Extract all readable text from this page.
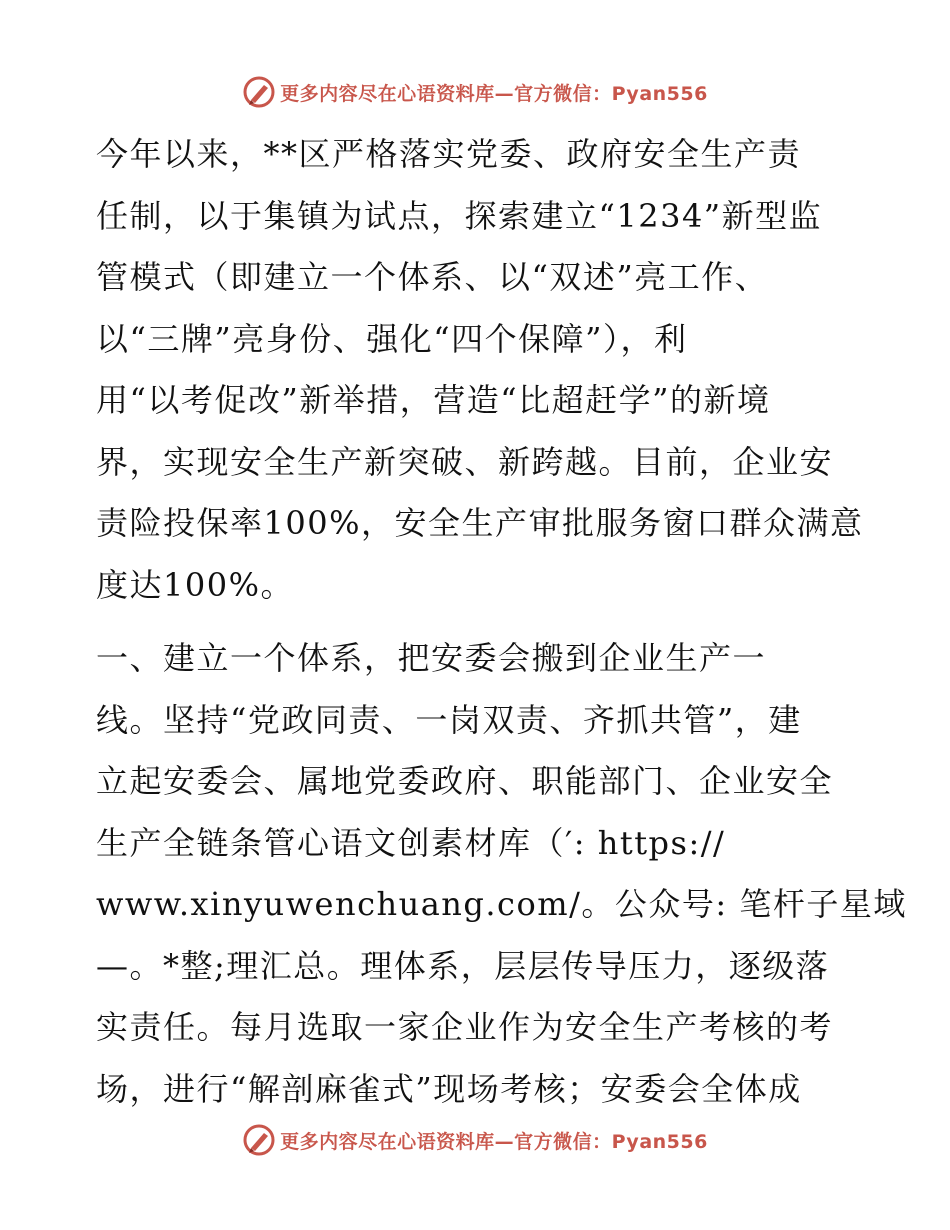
更多内容尽在心语资料库—官方微信：Pyan556
今年以来，**区严格落实党委、政府安全生产责
任制，以于集镇为试点，探索建立“1234”新型监
管模式（即建立一个体系、以“双述”亮工作、
以“三牌”亮身份、强化“四个保障”），利
用“以考促改”新举措，营造“比超赶学”的新境
界，实现安全生产新突破、新跨越。目前，企业安
责险投保率100%，安全生产审批服务窗口群众满意
度达100%。
一、建立一个体系，把安委会搬到企业生产一
线。坚持“党政同责、一岗双责、齐抓共管”，建
立起安委会、属地党委政府、职能部门、企业安全
生产全链条管心语文创素材库（′: https://
www.xinyuwenchuang.com/。公众号: 笔杆子星域
—。*整;理汇总。理体系，层层传导压力，逐级落
实责任。每月选取一家企业作为安全生产考核的考
场，进行“解剖麻雀式”现场考核；安委会全体成
更多内容尽在心语资料库—官方微信：Pyan556
